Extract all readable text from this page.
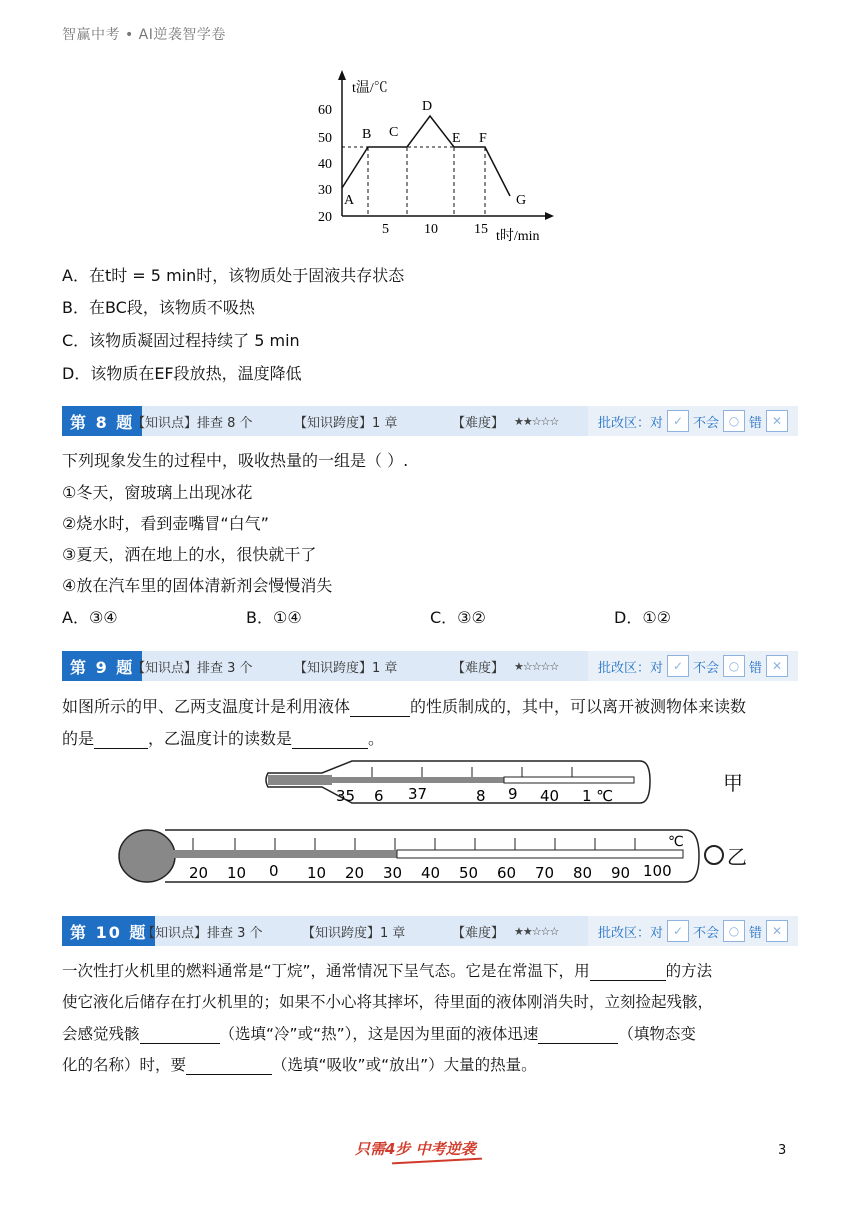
智赢中考 • AI逆袭智学卷
t温/℃
60
50
40
30
20
5	10	15 t时/min
A
B C
D
E F
G
A．在t时 = 5 min时，该物质处于固液共存状态
B．在BC段，该物质不吸热
C．该物质凝固过程持续了 5 min
D．该物质在EF段放热，温度降低
第 8 题
【知识点】排查 8 个	【知识跨度】1 章	【难度】 ★★☆☆☆	批改区：对 ✓ 不会 ○ 错 ✕
下列现象发生的过程中，吸收热量的一组是（ ）.
①冬天，窗玻璃上出现冰花
②烧水时，看到壶嘴冒“白气”
③夏天，洒在地上的水，很快就干了
④放在汽车里的固体清新剂会慢慢消失
A．③④	B．①④	C．③②	D．①②
第 9 题
【知识点】排查 3 个	【知识跨度】1 章	【难度】 ★☆☆☆☆	批改区：对 ✓ 不会 ○ 错 ✕
如图所示的甲、乙两支温度计是利用液体	的性质制成的，其中，可以离开被测物体来读数
的是	，乙温度计的读数是	。
35 6 37	8 9 40 1 ℃
甲
℃
20 10 0 10 20 30 40 50 60 70 80 90 100
乙
第 10 题
【知识点】排查 3 个	【知识跨度】1 章	【难度】 ★★☆☆☆	批改区：对 ✓ 不会 ○ 错 ✕
一次性打火机里的燃料通常是“丁烷”，通常情况下呈气态。它是在常温下，用	的方法
使它液化后储存在打火机里的；如果不小心将其摔坏，待里面的液体刚消失时，立刻捡起残骸，
会感觉残骸	（选填“冷”或“热”），这是因为里面的液体迅速	（填物态变
化的名称）时，要	（选填“吸收”或“放出”）大量的热量。
只需4步 中考逆袭	3
